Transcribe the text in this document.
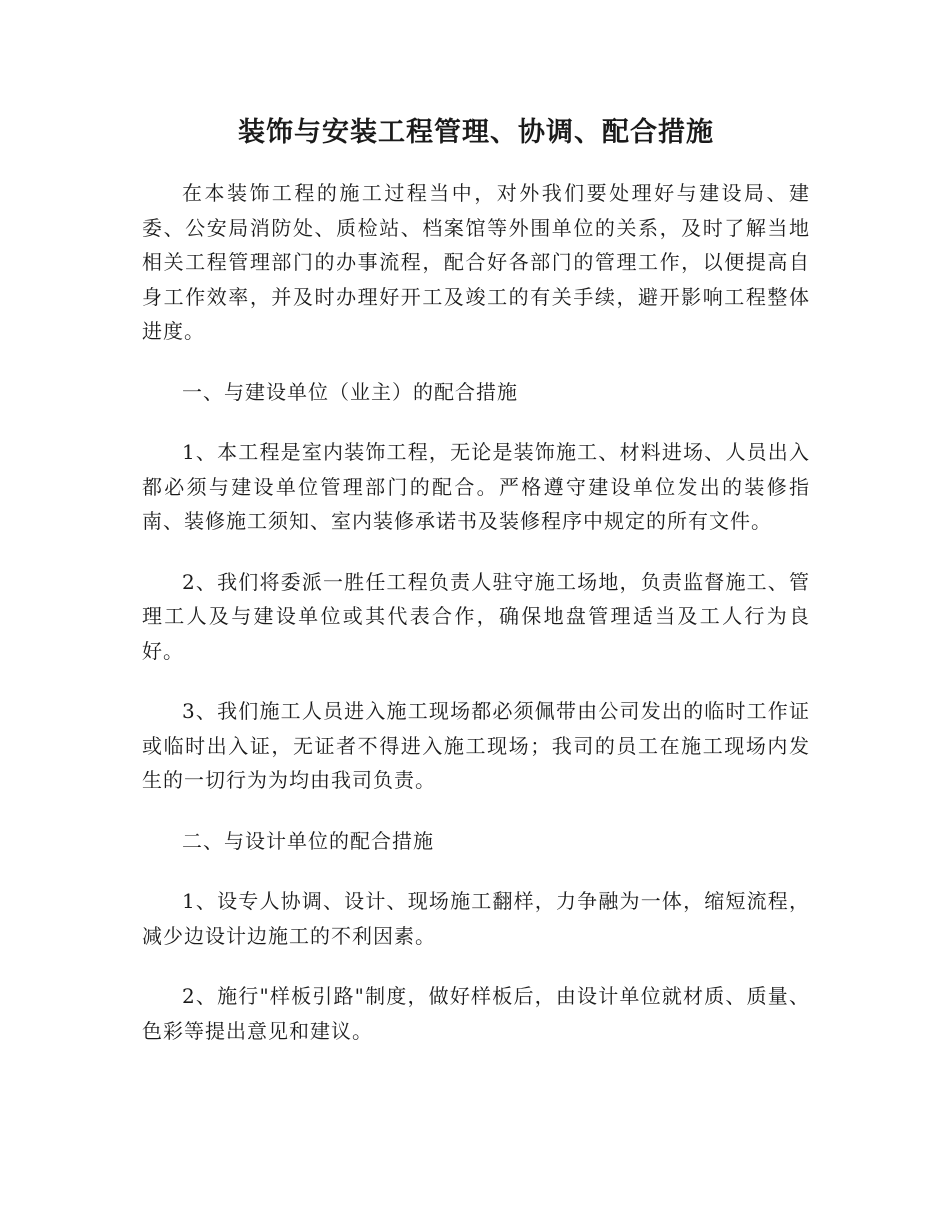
装饰与安装工程管理、协调、配合措施

在本装饰工程的施工过程当中，对外我们要处理好与建设局、建委、公安局消防处、质检站、档案馆等外围单位的关系，及时了解当地相关工程管理部门的办事流程，配合好各部门的管理工作，以便提高自身工作效率，并及时办理好开工及竣工的有关手续，避开影响工程整体进度。

一、与建设单位（业主）的配合措施

1、本工程是室内装饰工程，无论是装饰施工、材料进场、人员出入都必须与建设单位管理部门的配合。严格遵守建设单位发出的装修指南、装修施工须知、室内装修承诺书及装修程序中规定的所有文件。

2、我们将委派一胜任工程负责人驻守施工场地，负责监督施工、管理工人及与建设单位或其代表合作，确保地盘管理适当及工人行为良好。

3、我们施工人员进入施工现场都必须佩带由公司发出的临时工作证或临时出入证，无证者不得进入施工现场；我司的员工在施工现场内发生的一切行为为均由我司负责。

二、与设计单位的配合措施

1、设专人协调、设计、现场施工翻样，力争融为一体，缩短流程，减少边设计边施工的不利因素。

2、施行"样板引路"制度，做好样板后，由设计单位就材质、质量、色彩等提出意见和建议。
